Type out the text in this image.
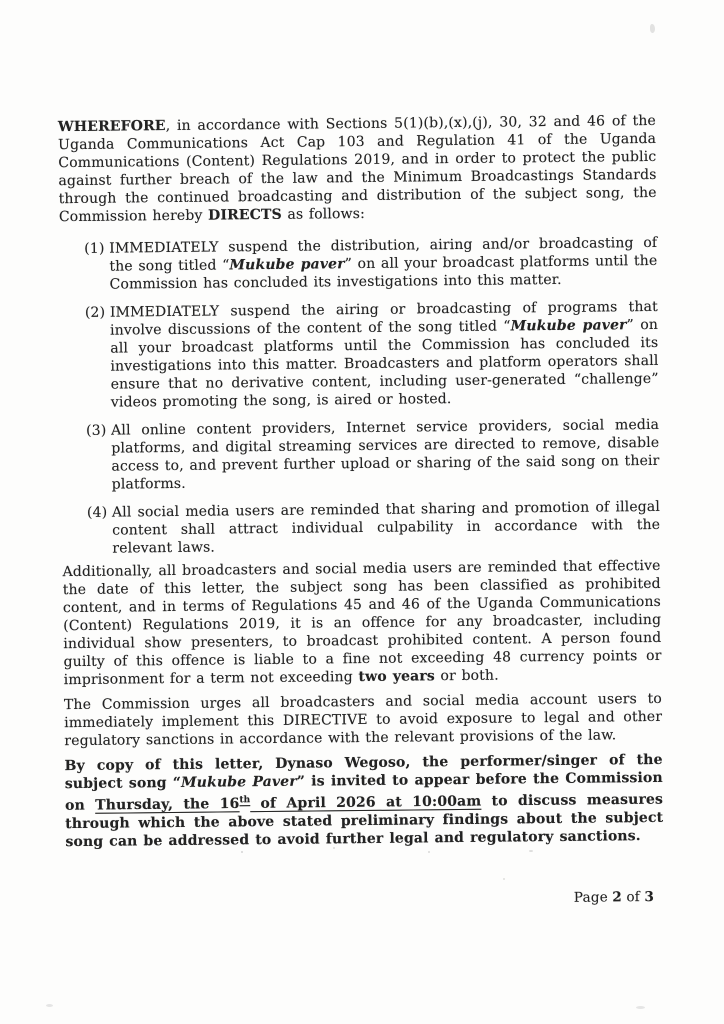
WHEREFORE, in accordance with Sections 5(1)(b),(x),(j), 30, 32 and 46 of the Uganda Communications Act Cap 103 and Regulation 41 of the Uganda Communications (Content) Regulations 2019, and in order to protect the public against further breach of the law and the Minimum Broadcastings Standards through the continued broadcasting and distribution of the subject song, the Commission hereby DIRECTS as follows:
(1) IMMEDIATELY suspend the distribution, airing and/or broadcasting of the song titled “Mukube paver” on all your broadcast platforms until the Commission has concluded its investigations into this matter.
(2) IMMEDIATELY suspend the airing or broadcasting of programs that involve discussions of the content of the song titled “Mukube paver” on all your broadcast platforms until the Commission has concluded its investigations into this matter. Broadcasters and platform operators shall ensure that no derivative content, including user-generated “challenge” videos promoting the song, is aired or hosted.
(3) All online content providers, Internet service providers, social media platforms, and digital streaming services are directed to remove, disable access to, and prevent further upload or sharing of the said song on their platforms.
(4) All social media users are reminded that sharing and promotion of illegal content shall attract individual culpability in accordance with the relevant laws.
Additionally, all broadcasters and social media users are reminded that effective the date of this letter, the subject song has been classified as prohibited content, and in terms of Regulations 45 and 46 of the Uganda Communications (Content) Regulations 2019, it is an offence for any broadcaster, including individual show presenters, to broadcast prohibited content. A person found guilty of this offence is liable to a fine not exceeding 48 currency points or imprisonment for a term not exceeding two years or both.
The Commission urges all broadcasters and social media account users to immediately implement this DIRECTIVE to avoid exposure to legal and other regulatory sanctions in accordance with the relevant provisions of the law.
By copy of this letter, Dynaso Wegoso, the performer/singer of the subject song “Mukube Paver” is invited to appear before the Commission on Thursday, the 16th of April 2026 at 10:00am to discuss measures through which the above stated preliminary findings about the subject song can be addressed to avoid further legal and regulatory sanctions.
Page 2 of 3
